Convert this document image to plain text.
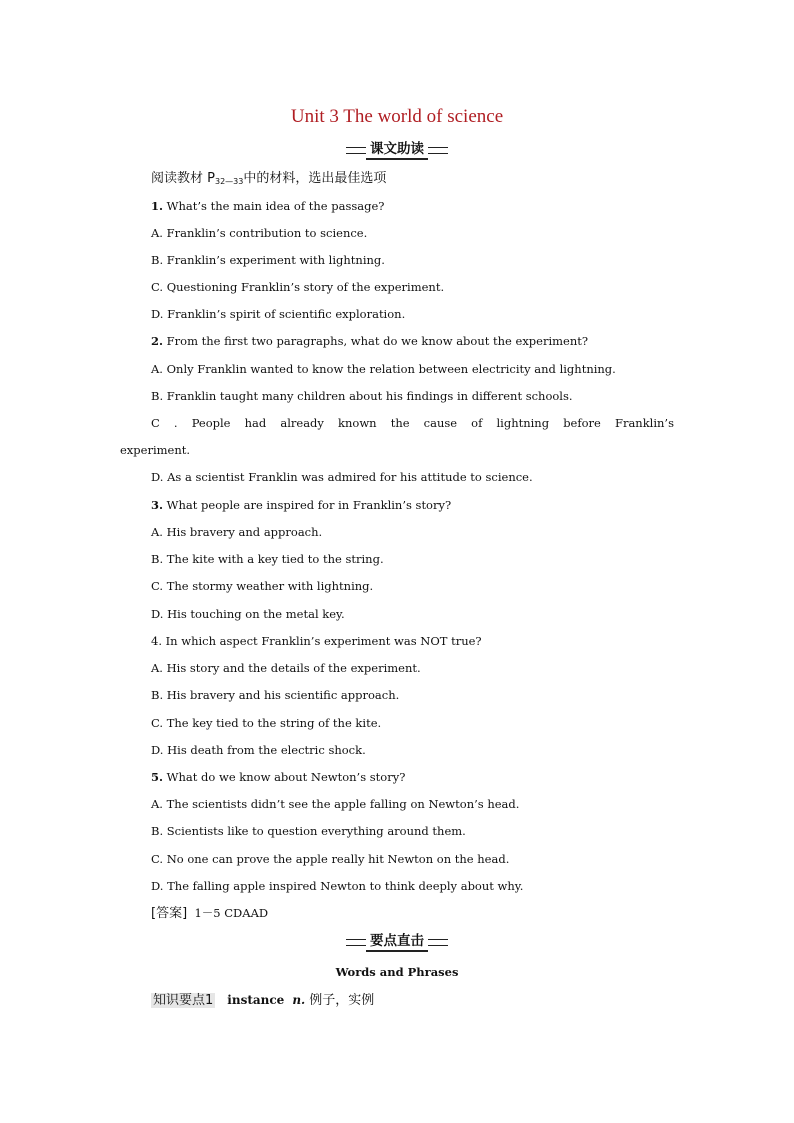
Unit 3 The world of science
课文助读
阅读教材 $P_{32—33}$中的材料，选出最佳选项
1. What’s the main idea of the passage?
A. Franklin’s contribution to science.
B. Franklin’s experiment with lightning.
C. Questioning Franklin’s story of the experiment.
D. Franklin’s spirit of scientific exploration.
2. From the first two paragraphs, what do we know about the experiment?
A. Only Franklin wanted to know the relation between electricity and lightning.
B. Franklin taught many children about his findings in different schools.
C . People had already known the cause of lightning before Franklin’s
experiment.
D. As a scientist Franklin was admired for his attitude to science.
3. What people are inspired for in Franklin’s story?
A. His bravery and approach.
B. The kite with a key tied to the string.
C. The stormy weather with lightning.
D. His touching on the metal key.
4. In which aspect Franklin’s experiment was NOT true?
A. His story and the details of the experiment.
B. His bravery and his scientific approach.
C. The key tied to the string of the kite.
D. His death from the electric shock.
5. What do we know about Newton’s story?
A. The scientists didn’t see the apple falling on Newton’s head.
B. Scientists like to question everything around them.
C. No one can prove the apple really hit Newton on the head.
D. The falling apple inspired Newton to think deeply about why.
[答案] 1－5 CDAAD
要点直击
Words and Phrases
知识要点1 instance n. 例子，实例
